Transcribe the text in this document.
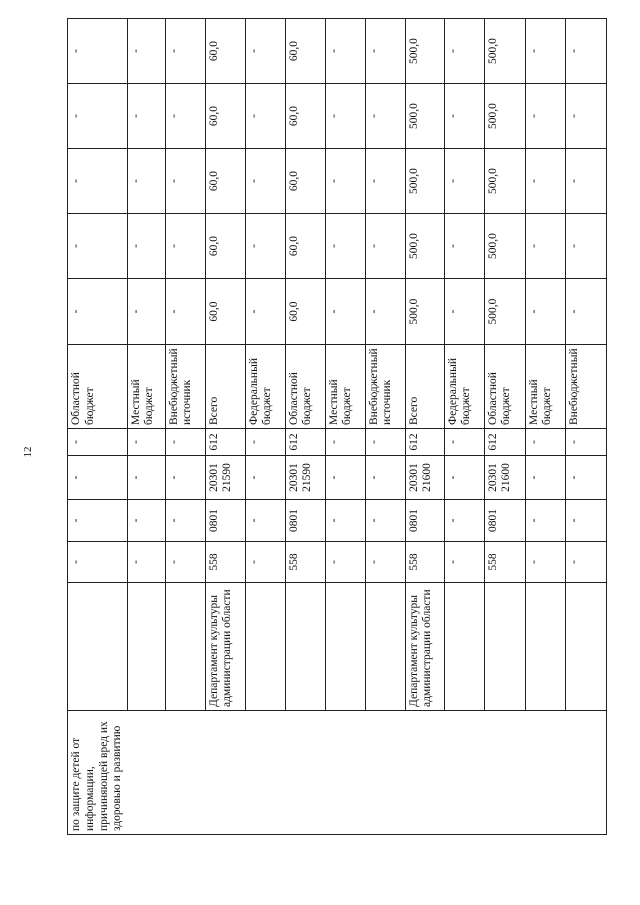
12
по защите детей от информации, причиняющей вред их здоровью и развитию		-	-	-	-	Областной бюджет	-	-	-	-	-	
		-	-	-	-	Местный бюджет	-	-	-	-	-	
		-	-	-	-	Внебюджетный источник	-	-	-	-	-	
	Департамент культуры администрации области	558	0801	20301 21590	612	Всего	60,0	60,0	60,0	60,0	60,0	
		-	-	-	-	Федеральный бюджет	-	-	-	-	-	
		558	0801	20301 21590	612	Областной бюджет	60,0	60,0	60,0	60,0	60,0	
		-	-	-	-	Местный бюджет	-	-	-	-	-	
		-	-	-	-	Внебюджетный источник	-	-	-	-	-	
	Департамент культуры администрации области	558	0801	20301 21600	612	Всего	500,0	500,0	500,0	500,0	500,0	
		-	-	-	-	Федеральный бюджет	-	-	-	-	-	
		558	0801	20301 21600	612	Областной бюджет	500,0	500,0	500,0	500,0	500,0	
		-	-	-	-	Местный бюджет	-	-	-	-	-	
		-	-	-	-	Внебюджетный	-	-	-	-	-	
